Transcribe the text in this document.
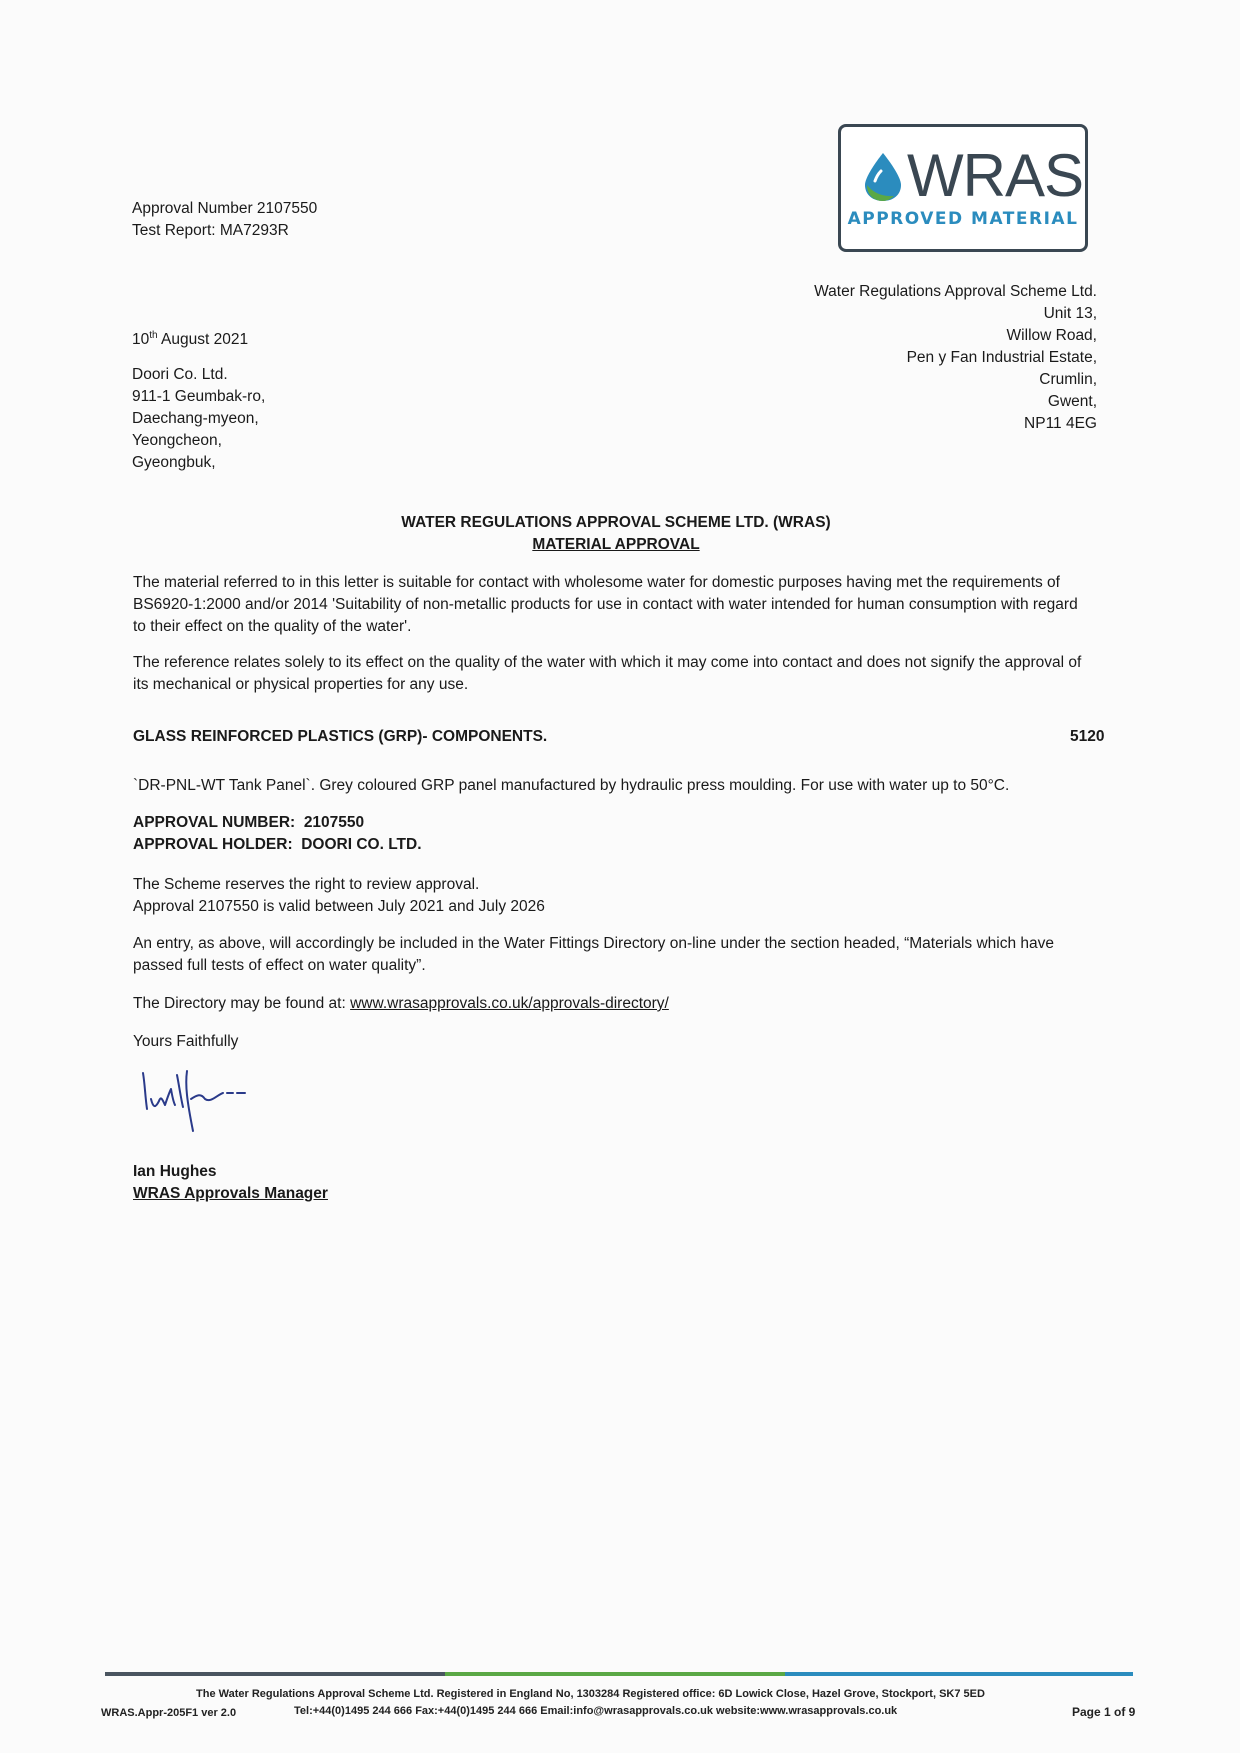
Approval Number 2107550
Test Report: MA7293R
WRAS
APPROVED MATERIAL
Water Regulations Approval Scheme Ltd.
Unit 13,
Willow Road,
Pen y Fan Industrial Estate,
Crumlin,
Gwent,
NP11 4EG
10th August 2021
Doori Co. Ltd.
911-1 Geumbak-ro,
Daechang-myeon,
Yeongcheon,
Gyeongbuk,
WATER REGULATIONS APPROVAL SCHEME LTD. (WRAS)
MATERIAL APPROVAL
The material referred to in this letter is suitable for contact with wholesome water for domestic purposes having met the requirements of BS6920-1:2000 and/or 2014 'Suitability of non-metallic products for use in contact with water intended for human consumption with regard to their effect on the quality of the water'.
The reference relates solely to its effect on the quality of the water with which it may come into contact and does not signify the approval of its mechanical or physical properties for any use.
GLASS REINFORCED PLASTICS (GRP)- COMPONENTS.	5120
`DR-PNL-WT Tank Panel`. Grey coloured GRP panel manufactured by hydraulic press moulding. For use with water up to 50°C.
APPROVAL NUMBER: 2107550
APPROVAL HOLDER: DOORI CO. LTD.
The Scheme reserves the right to review approval.
Approval 2107550 is valid between July 2021 and July 2026
An entry, as above, will accordingly be included in the Water Fittings Directory on-line under the section headed, “Materials which have passed full tests of effect on water quality”.
The Directory may be found at: www.wrasapprovals.co.uk/approvals-directory/
Yours Faithfully
Ian Hughes
WRAS Approvals Manager
The Water Regulations Approval Scheme Ltd. Registered in England No, 1303284 Registered office: 6D Lowick Close, Hazel Grove, Stockport, SK7 5ED
WRAS.Appr-205F1 ver 2.0	Tel:+44(0)1495 244 666 Fax:+44(0)1495 244 666 Email:info@wrasapprovals.co.uk website:www.wrasapprovals.co.uk	Page 1 of 9
